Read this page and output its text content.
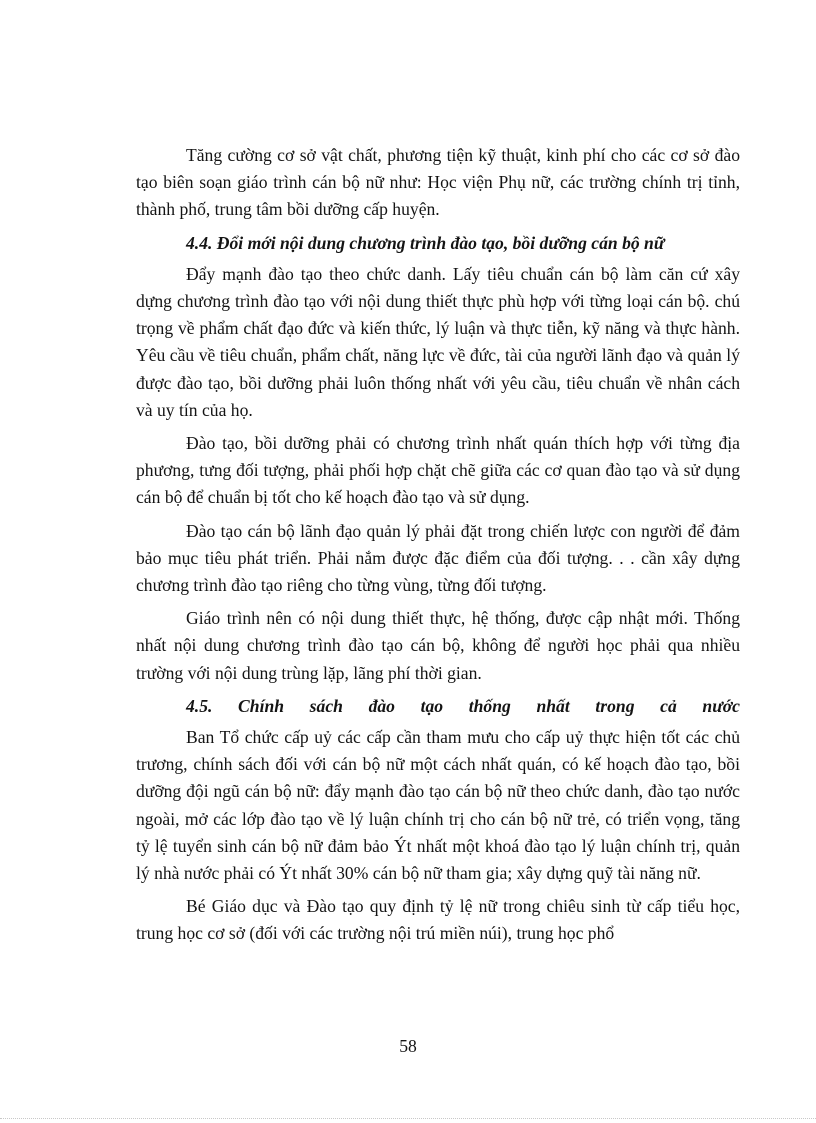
Tăng cường cơ sở vật chất, phương tiện kỹ thuật, kinh phí cho các cơ sở đào tạo biên soạn giáo trình cán bộ nữ như: Học viện Phụ nữ, các trường chính trị tỉnh, thành phố, trung tâm bồi dưỡng cấp huyện.

4.4. Đổi mới nội dung chương trình đào tạo, bồi dưỡng cán bộ nữ

Đẩy mạnh đào tạo theo chức danh. Lấy tiêu chuẩn cán bộ làm căn cứ xây dựng chương trình đào tạo với nội dung thiết thực phù hợp với từng loại cán bộ. chú trọng về phẩm chất đạo đức và kiến thức, lý luận và thực tiễn, kỹ năng và thực hành. Yêu cầu về tiêu chuẩn, phẩm chất, năng lực về đức, tài của người lãnh đạo và quản lý được đào tạo, bồi dưỡng phải luôn thống nhất với yêu cầu, tiêu chuẩn về nhân cách và uy tín của họ.

Đào tạo, bồi dưỡng phải có chương trình nhất quán thích hợp với từng địa phương, tưng đối tượng, phải phối hợp chặt chẽ giữa các cơ quan đào tạo và sử dụng cán bộ để chuẩn bị tốt cho kế hoạch đào tạo và sử dụng.

Đào tạo cán bộ lãnh đạo quản lý phải đặt trong chiến lược con người để đảm bảo mục tiêu phát triển. Phải nắm được đặc điểm của đối tượng. . . cần xây dựng chương trình đào tạo riêng cho từng vùng, từng đối tượng.

Giáo trình nên có nội dung thiết thực, hệ thống, được cập nhật mới. Thống nhất nội dung chương trình đào tạo cán bộ, không để người học phải qua nhiều trường với nội dung trùng lặp, lãng phí thời gian.

4.5. Chính sách đào tạo thống nhất trong cả nước

Ban Tổ chức cấp uỷ các cấp cần tham mưu cho cấp uỷ thực hiện tốt các chủ trương, chính sách đối với cán bộ nữ một cách nhất quán, có kế hoạch đào tạo, bồi dưỡng đội ngũ cán bộ nữ: đẩy mạnh đào tạo cán bộ nữ theo chức danh, đào tạo nước ngoài, mở các lớp đào tạo về lý luận chính trị cho cán bộ nữ trẻ, có triển vọng, tăng tỷ lệ tuyển sinh cán bộ nữ đảm bảo Ýt nhất một khoá đào tạo lý luận chính trị, quản lý nhà nước phải có Ýt nhất 30% cán bộ nữ tham gia; xây dựng quỹ tài năng nữ.

Bé Giáo dục và Đào tạo quy định tỷ lệ nữ trong chiêu sinh từ cấp tiểu học, trung học cơ sở (đối với các trường nội trú miền núi), trung học phổ

58
